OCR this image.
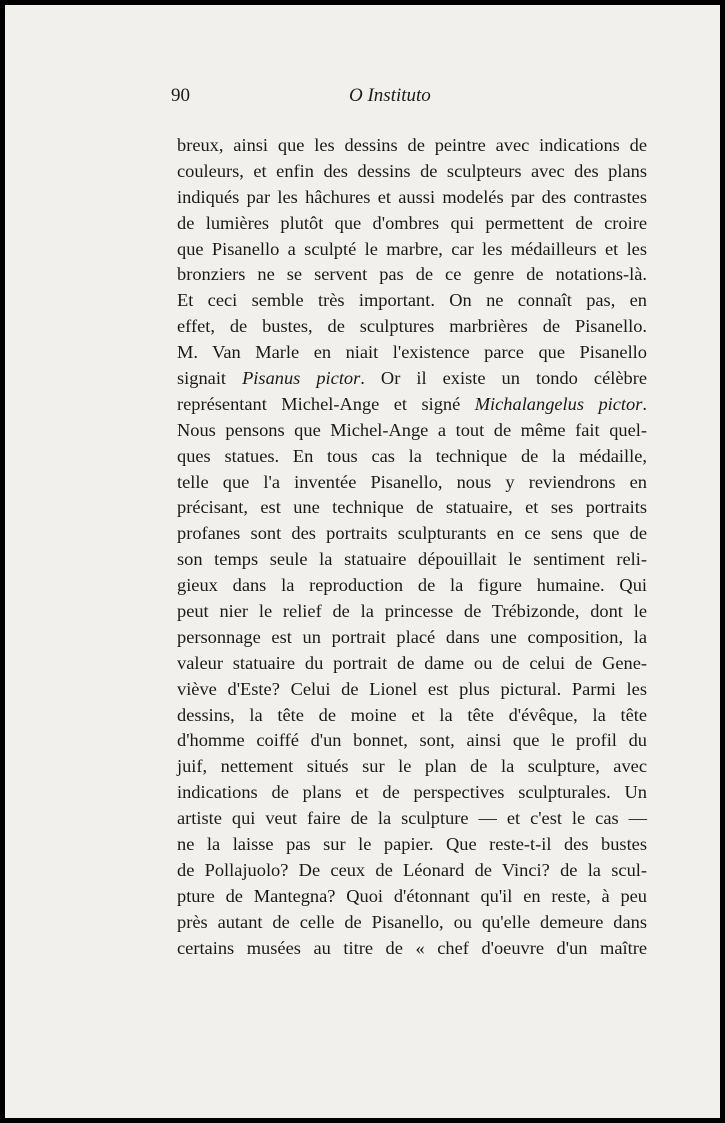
90	O Instituto
breux, ainsi que les dessins de peintre avec indications de
couleurs, et enfin des dessins de sculpteurs avec des plans
indiqués par les hâchures et aussi modelés par des contrastes
de lumières plutôt que d'ombres qui permettent de croire
que Pisanello a sculpté le marbre, car les médailleurs et les
bronziers ne se servent pas de ce genre de notations-là.
Et ceci semble très important. On ne connaît pas, en
effet, de bustes, de sculptures marbrières de Pisanello.
M. Van Marle en niait l'existence parce que Pisanello
signait Pisanus pictor. Or il existe un tondo célèbre
représentant Michel-Ange et signé Michalangelus pictor.
Nous pensons que Michel-Ange a tout de même fait quel-
ques statues. En tous cas la technique de la médaille,
telle que l'a inventée Pisanello, nous y reviendrons en
précisant, est une technique de statuaire, et ses portraits
profanes sont des portraits sculpturants en ce sens que de
son temps seule la statuaire dépouillait le sentiment reli-
gieux dans la reproduction de la figure humaine. Qui
peut nier le relief de la princesse de Trébizonde, dont le
personnage est un portrait placé dans une composition, la
valeur statuaire du portrait de dame ou de celui de Gene-
viève d'Este? Celui de Lionel est plus pictural. Parmi les
dessins, la tête de moine et la tête d'évêque, la tête
d'homme coiffé d'un bonnet, sont, ainsi que le profil du
juif, nettement situés sur le plan de la sculpture, avec
indications de plans et de perspectives sculpturales. Un
artiste qui veut faire de la sculpture — et c'est le cas —
ne la laisse pas sur le papier. Que reste-t-il des bustes
de Pollajuolo? De ceux de Léonard de Vinci? de la scul-
pture de Mantegna? Quoi d'étonnant qu'il en reste, à peu
près autant de celle de Pisanello, ou qu'elle demeure dans
certains musées au titre de « chef d'oeuvre d'un maître
